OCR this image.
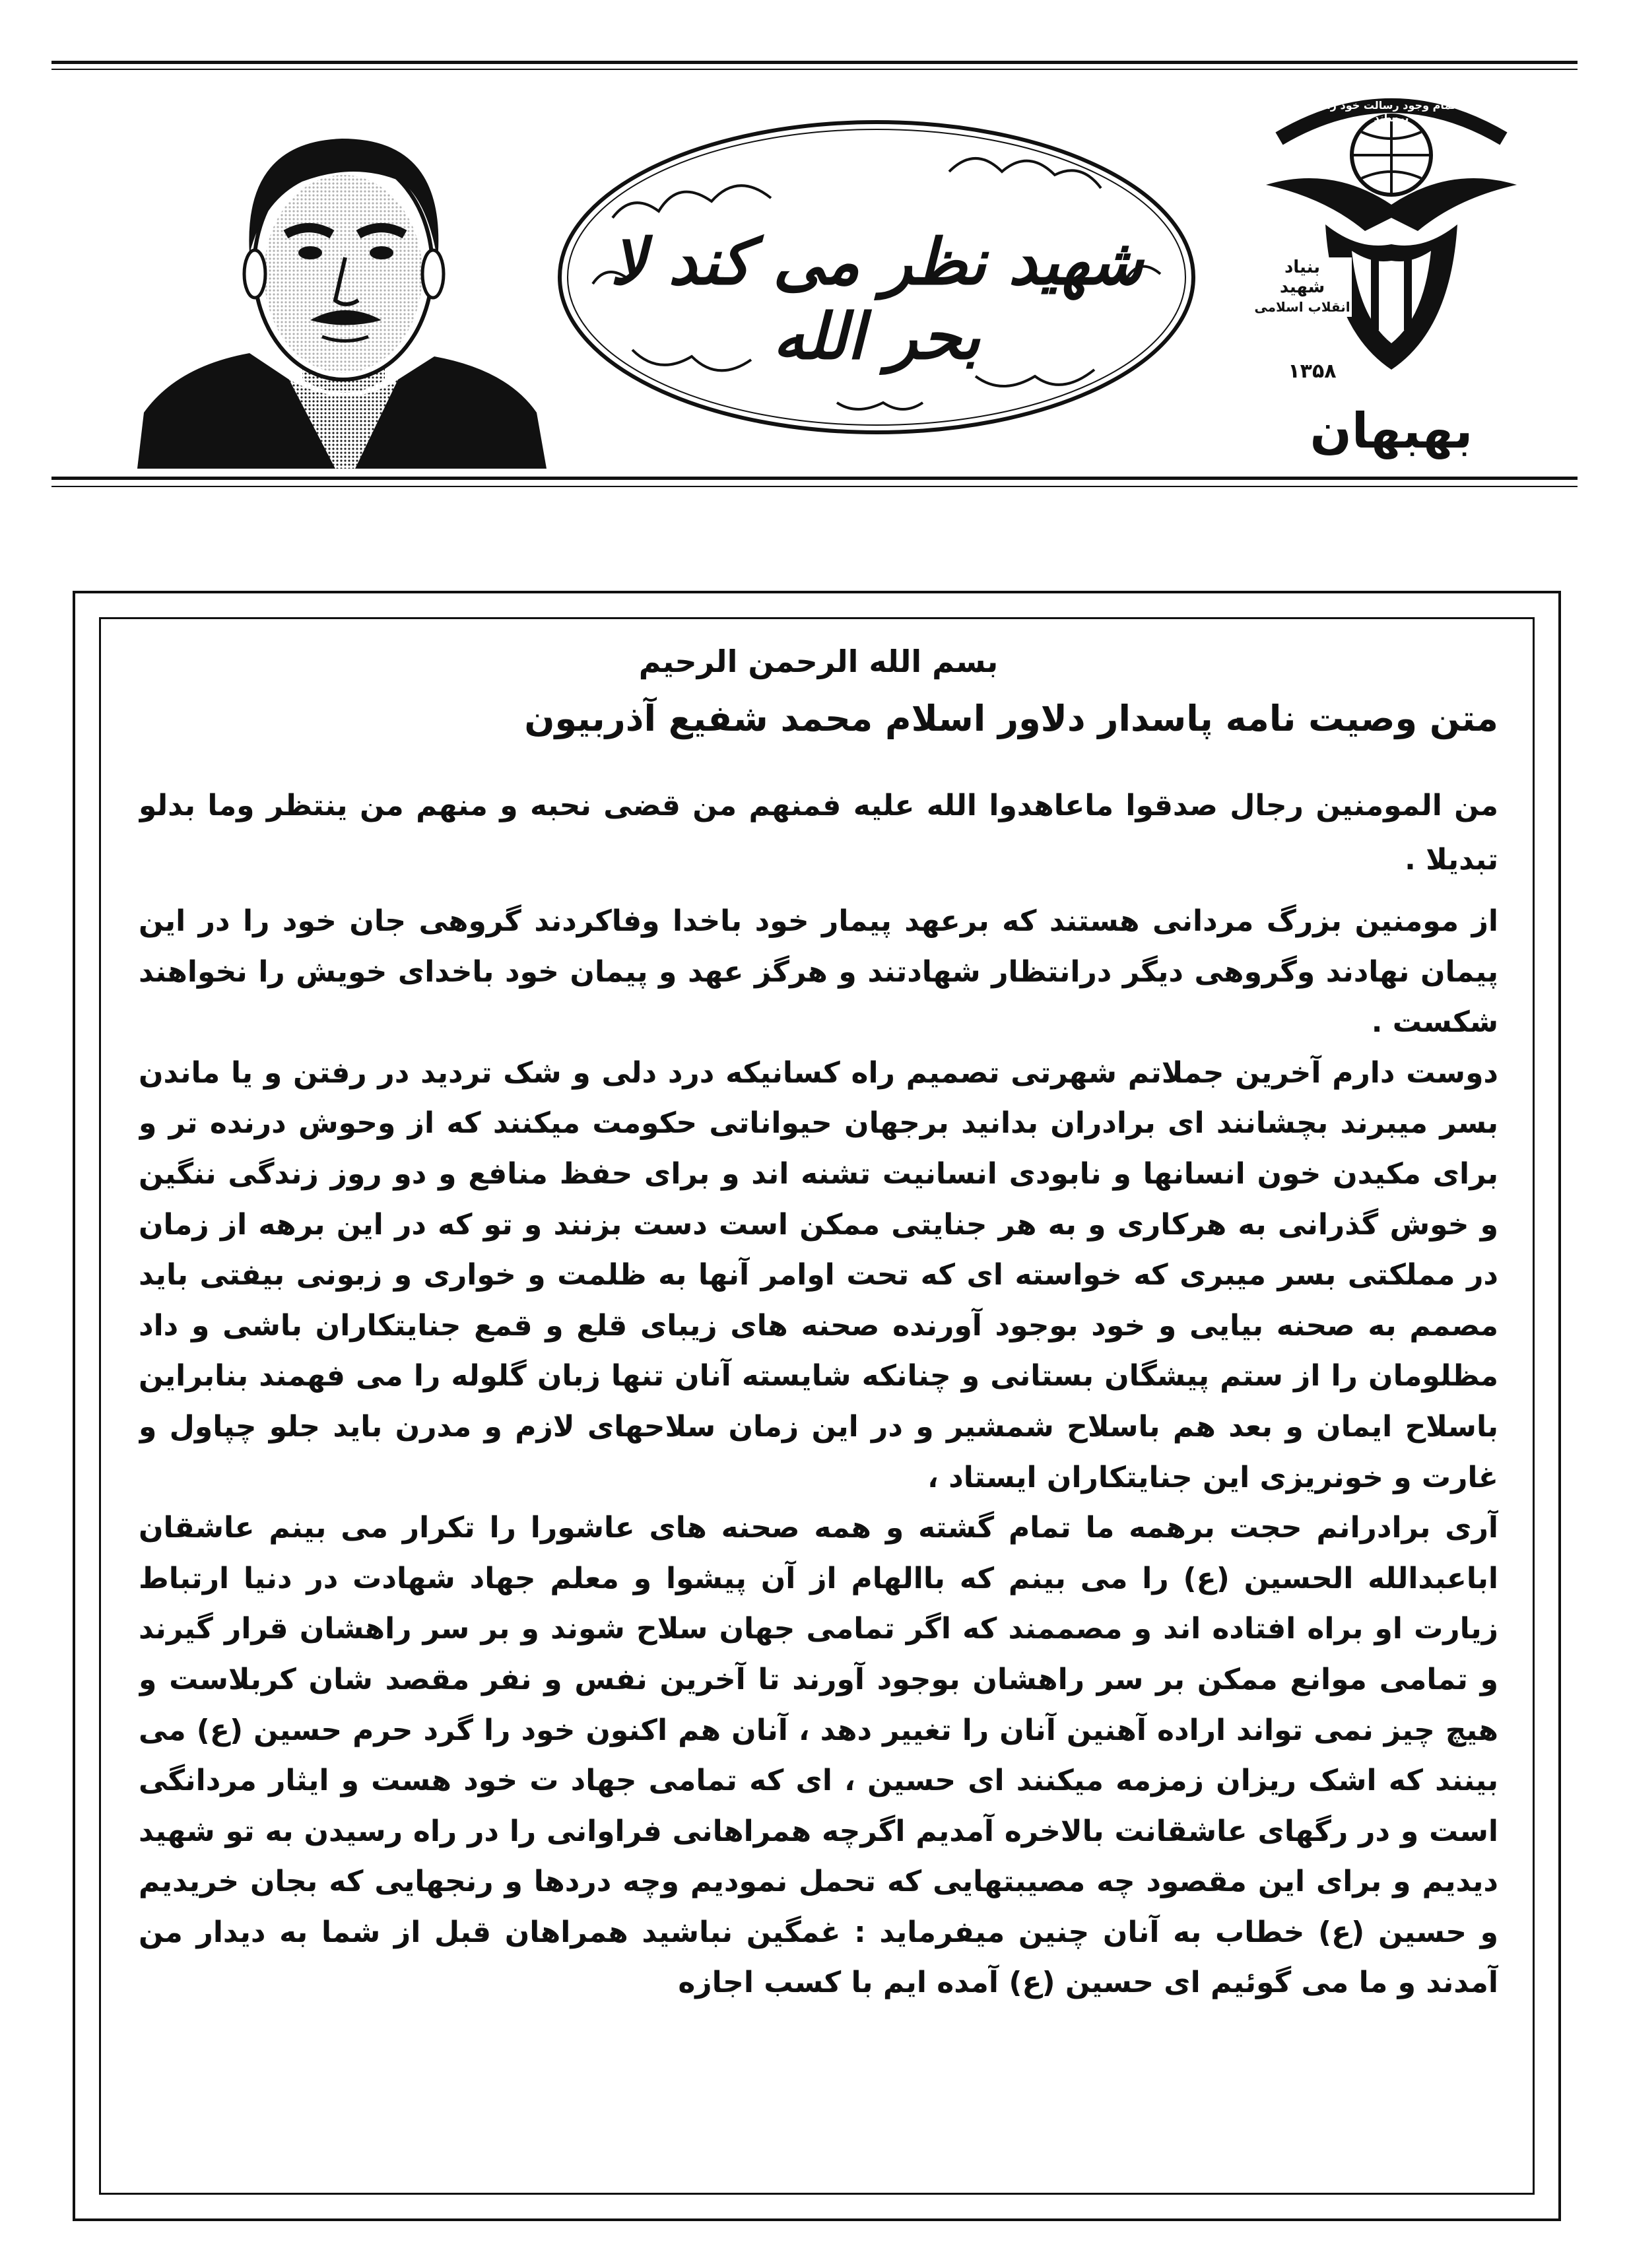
شهید نظر می کند لا بحر الله
شهید با تمام وجود رسالت خود را به پایان برساند
بنیاد
شهید
انقلاب اسلامی
۱۳۵۸
بهبهان
بسم الله الرحمن الرحیم
متن وصیت نامه پاسدار دلاور اسلام محمد شفیع آذربیون

من المومنین رجال صدقوا ماعاهدوا الله علیه فمنهم من قضی نحبه و منهم من ینتظر وما بدلو تبدیلا .

از مومنین بزرگ مردانی هستند که برعهد پیمار خود باخدا وفاکردند گروهی جان خود را در این پیمان نهادند وگروهی دیگر درانتظار شهادتند و هرگز عهد و پیمان خود باخدای خویش را نخواهند شکست .

دوست دارم آخرین جملاتم شهرتی تصمیم راه کسانیکه درد دلی و شک تردید در رفتن و یا ماندن بسر میبرند بچشانند ای برادران بدانید برجهان حیواناتی حکومت میکنند که از وحوش درنده تر و برای مکیدن خون انسانها و نابودی انسانیت تشنه اند و برای حفظ منافع و دو روز زندگی ننگین و خوش گذرانی به هرکاری و به هر جنایتی ممکن است دست بزنند و تو که در این برهه از زمان در مملکتی بسر میبری که خواسته ای که تحت اوامر آنها به ظلمت و خواری و زبونی بیفتی باید مصمم به صحنه بیایی و خود بوجود آورنده صحنه های زیبای قلع و قمع جنایتکاران باشی و داد مظلومان را از ستم پیشگان بستانی و چنانکه شایسته آنان تنها زبان گلوله را می فهمند بنابراین باسلاح ایمان و بعد هم باسلاح شمشیر و در این زمان سلاحهای لازم و مدرن باید جلو چپاول و غارت و خونریزی این جنایتکاران ایستاد ،

آری برادرانم حجت برهمه ما تمام گشته و همه صحنه های عاشورا را تکرار می بینم عاشقان اباعبدالله الحسین (ع) را می بینم که باالهام از آن پیشوا و معلم جهاد شهادت در دنیا ارتباط زیارت او براه افتاده اند و مصممند که اگر تمامی جهان سلاح شوند و بر سر راهشان قرار گیرند و تمامی موانع ممکن بر سر راهشان بوجود آورند تا آخرین نفس و نفر مقصد شان کربلاست و هیچ چیز نمی تواند اراده آهنین آنان را تغییر دهد ، آنان هم اکنون خود را گرد حرم حسین (ع) می بینند که اشک ریزان زمزمه میکنند ای حسین ، ای که تمامی جهاد ت خود هست و ایثار مردانگی است و در رگهای عاشقانت بالاخره آمدیم اگرچه همراهانی فراوانی را در راه رسیدن به تو شهید دیدیم و برای این مقصود چه مصیبتهایی که تحمل نمودیم وچه دردها و رنجهایی که بجان خریدیم و حسین (ع) خطاب به آنان چنین میفرماید : غمگین نباشید همراهان قبل از شما به دیدار من آمدند و ما می گوئیم ای حسین (ع) آمده ایم با کسب اجازه
